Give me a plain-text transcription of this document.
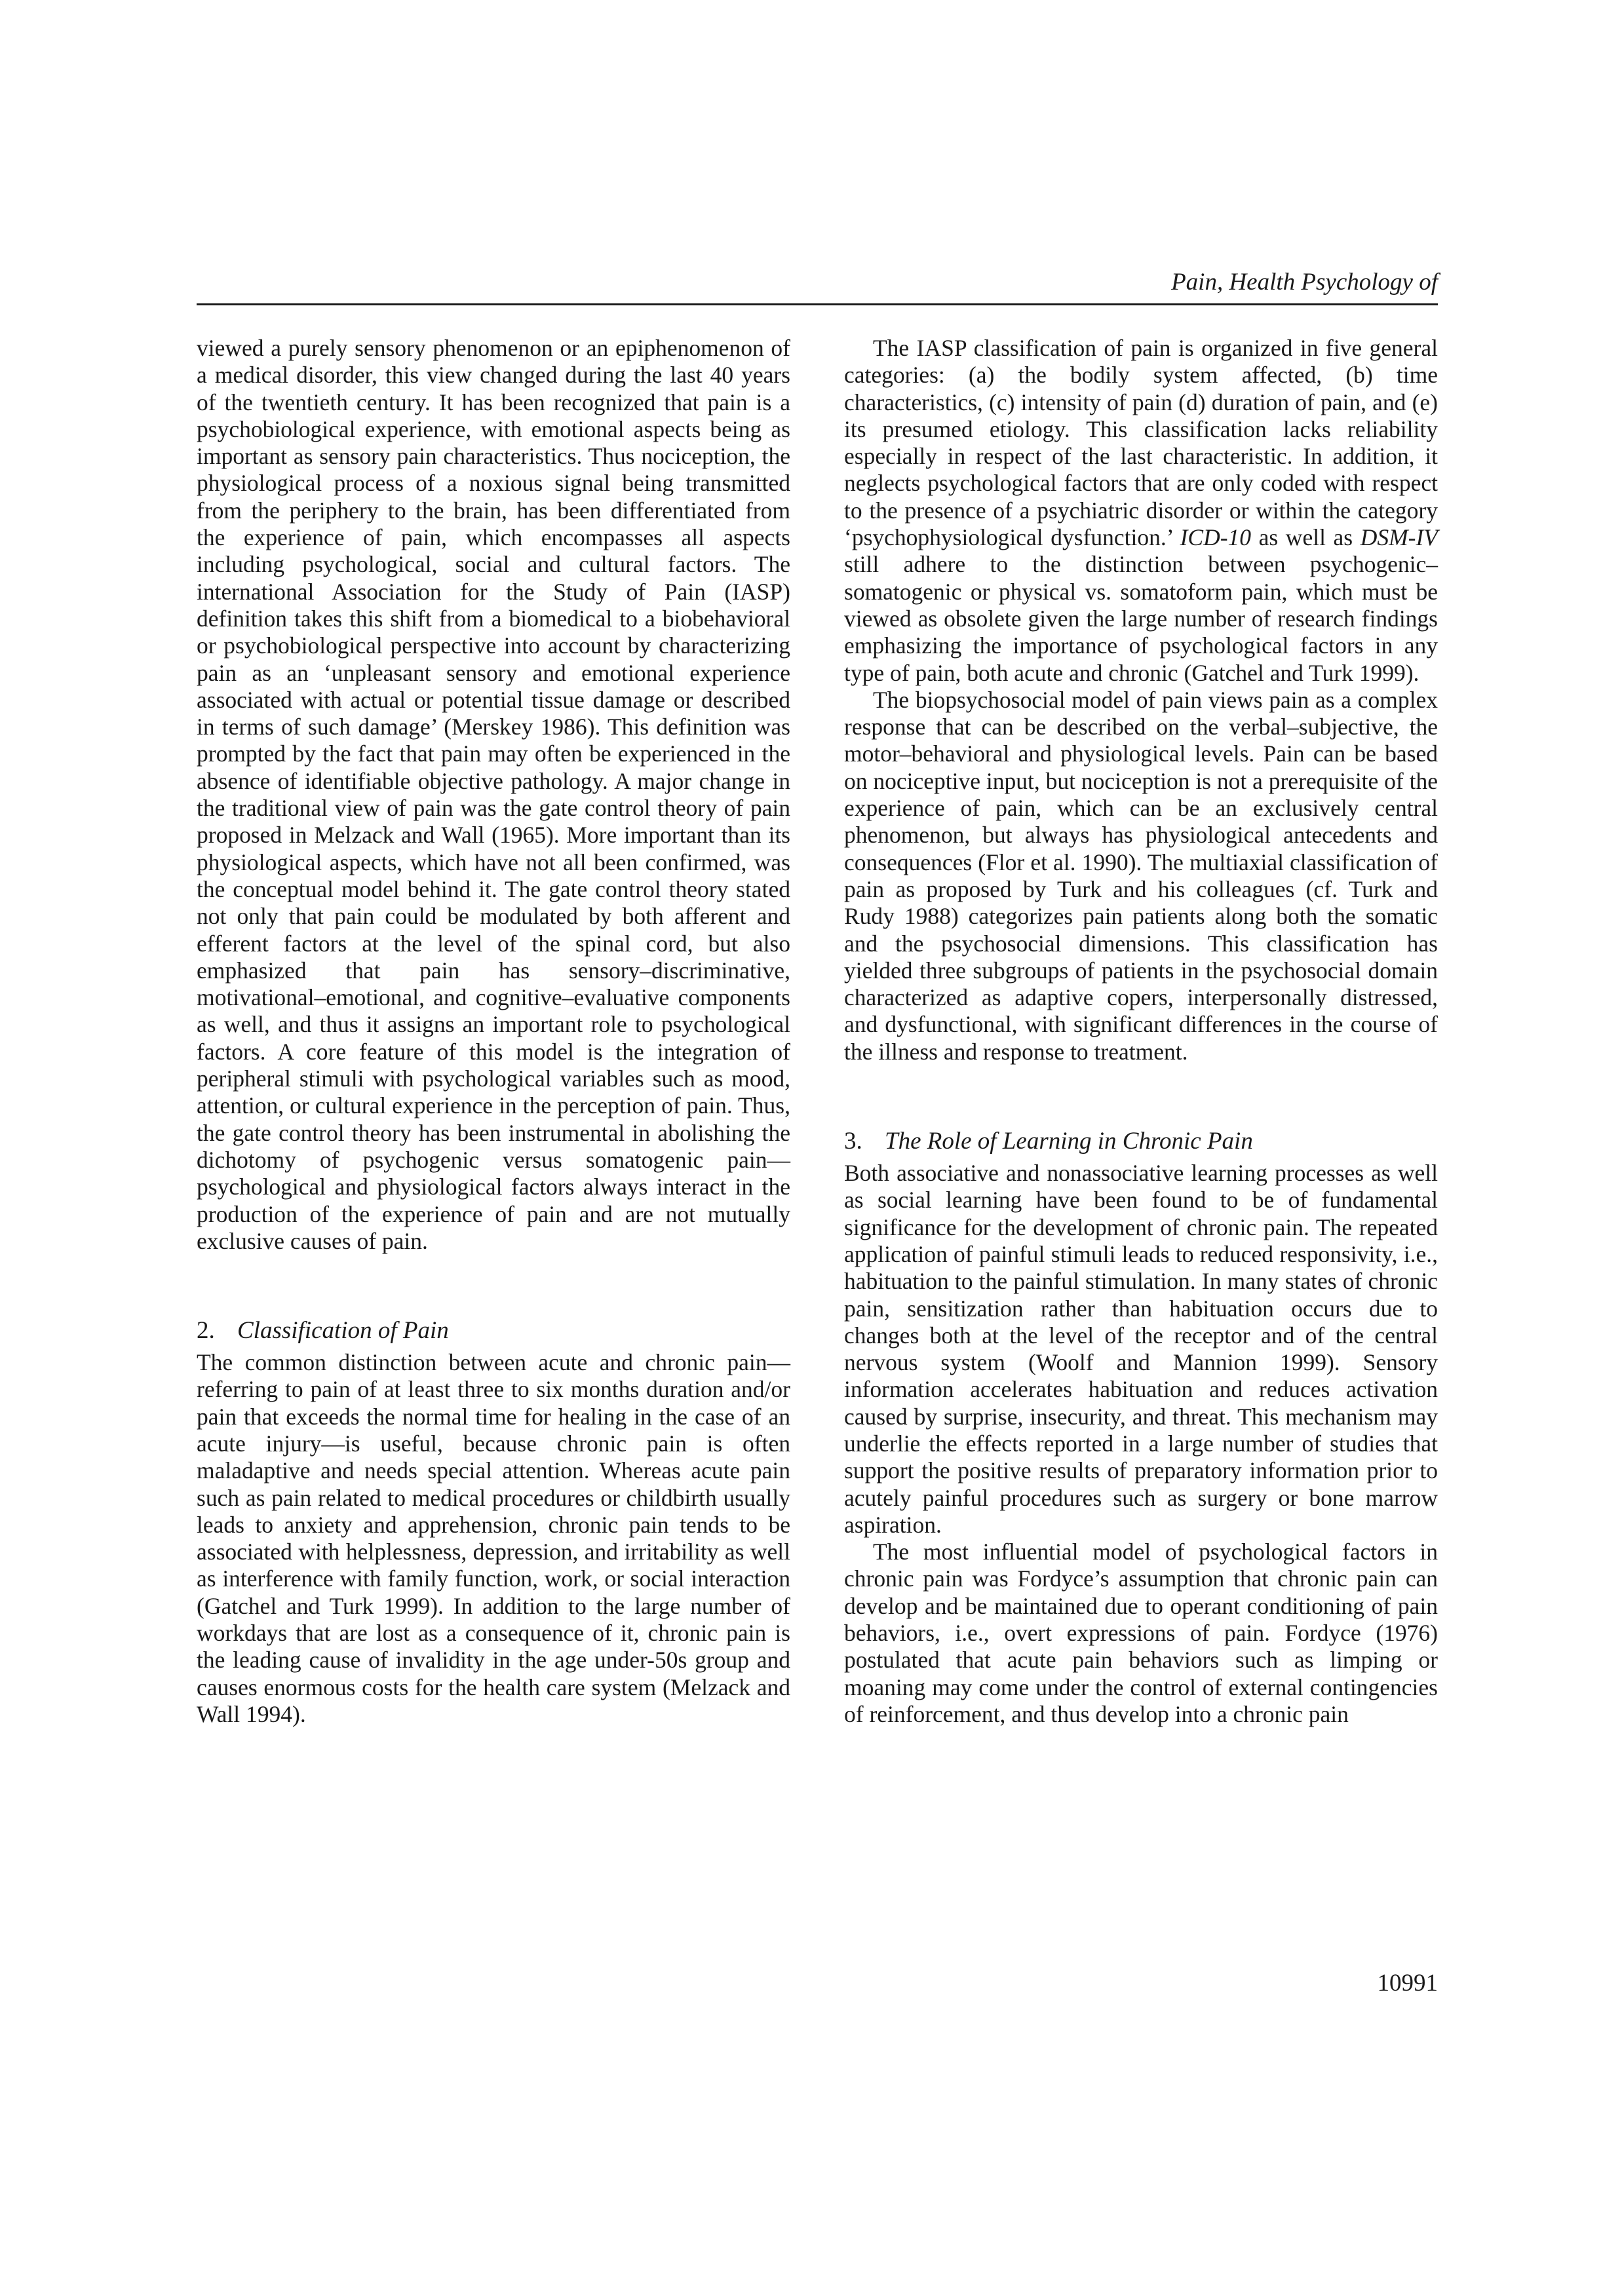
Pain, Health Psychology of

viewed a purely sensory phenomenon or an epiphenomenon of a medical disorder, this view changed during the last 40 years of the twentieth century. It has been recognized that pain is a psychobiological experience, with emotional aspects being as important as sensory pain characteristics. Thus nociception, the physiological process of a noxious signal being transmitted from the periphery to the brain, has been differentiated from the experience of pain, which encompasses all aspects including psychological, social and cultural factors. The international Association for the Study of Pain (IASP) definition takes this shift from a biomedical to a biobehavioral or psychobiological perspective into account by characterizing pain as an ‘unpleasant sensory and emotional experience associated with actual or potential tissue damage or described in terms of such damage’ (Merskey 1986). This definition was prompted by the fact that pain may often be experienced in the absence of identifiable objective pathology. A major change in the traditional view of pain was the gate control theory of pain proposed in Melzack and Wall (1965). More important than its physiological aspects, which have not all been confirmed, was the conceptual model behind it. The gate control theory stated not only that pain could be modulated by both afferent and efferent factors at the level of the spinal cord, but also emphasized that pain has sensory–discriminative, motivational–emotional, and cognitive–evaluative components as well, and thus it assigns an important role to psychological factors. A core feature of this model is the integration of peripheral stimuli with psychological variables such as mood, attention, or cultural experience in the perception of pain. Thus, the gate control theory has been instrumental in abolishing the dichotomy of psychogenic versus somatogenic pain—psychological and physiological factors always interact in the production of the experience of pain and are not mutually exclusive causes of pain.

2. Classification of Pain

The common distinction between acute and chronic pain—referring to pain of at least three to six months duration and/or pain that exceeds the normal time for healing in the case of an acute injury—is useful, because chronic pain is often maladaptive and needs special attention. Whereas acute pain such as pain related to medical procedures or childbirth usually leads to anxiety and apprehension, chronic pain tends to be associated with helplessness, depression, and irritability as well as interference with family function, work, or social interaction (Gatchel and Turk 1999). In addition to the large number of workdays that are lost as a consequence of it, chronic pain is the leading cause of invalidity in the age under-50s group and causes enormous costs for the health care system (Melzack and Wall 1994).

The IASP classification of pain is organized in five general categories: (a) the bodily system affected, (b) time characteristics, (c) intensity of pain (d) duration of pain, and (e) its presumed etiology. This classification lacks reliability especially in respect of the last characteristic. In addition, it neglects psychological factors that are only coded with respect to the presence of a psychiatric disorder or within the category ‘psychophysiological dysfunction.’ ICD-10 as well as DSM-IV still adhere to the distinction between psychogenic–somatogenic or physical vs. somatoform pain, which must be viewed as obsolete given the large number of research findings emphasizing the importance of psychological factors in any type of pain, both acute and chronic (Gatchel and Turk 1999).

The biopsychosocial model of pain views pain as a complex response that can be described on the verbal–subjective, the motor–behavioral and physiological levels. Pain can be based on nociceptive input, but nociception is not a prerequisite of the experience of pain, which can be an exclusively central phenomenon, but always has physiological antecedents and consequences (Flor et al. 1990). The multiaxial classification of pain as proposed by Turk and his colleagues (cf. Turk and Rudy 1988) categorizes pain patients along both the somatic and the psychosocial dimensions. This classification has yielded three subgroups of patients in the psychosocial domain characterized as adaptive copers, interpersonally distressed, and dysfunctional, with significant differences in the course of the illness and response to treatment.

3. The Role of Learning in Chronic Pain

Both associative and nonassociative learning processes as well as social learning have been found to be of fundamental significance for the development of chronic pain. The repeated application of painful stimuli leads to reduced responsivity, i.e., habituation to the painful stimulation. In many states of chronic pain, sensitization rather than habituation occurs due to changes both at the level of the receptor and of the central nervous system (Woolf and Mannion 1999). Sensory information accelerates habituation and reduces activation caused by surprise, insecurity, and threat. This mechanism may underlie the effects reported in a large number of studies that support the positive results of preparatory information prior to acutely painful procedures such as surgery or bone marrow aspiration.

The most influential model of psychological factors in chronic pain was Fordyce’s assumption that chronic pain can develop and be maintained due to operant conditioning of pain behaviors, i.e., overt expressions of pain. Fordyce (1976) postulated that acute pain behaviors such as limping or moaning may come under the control of external contingencies of reinforcement, and thus develop into a chronic pain

10991
